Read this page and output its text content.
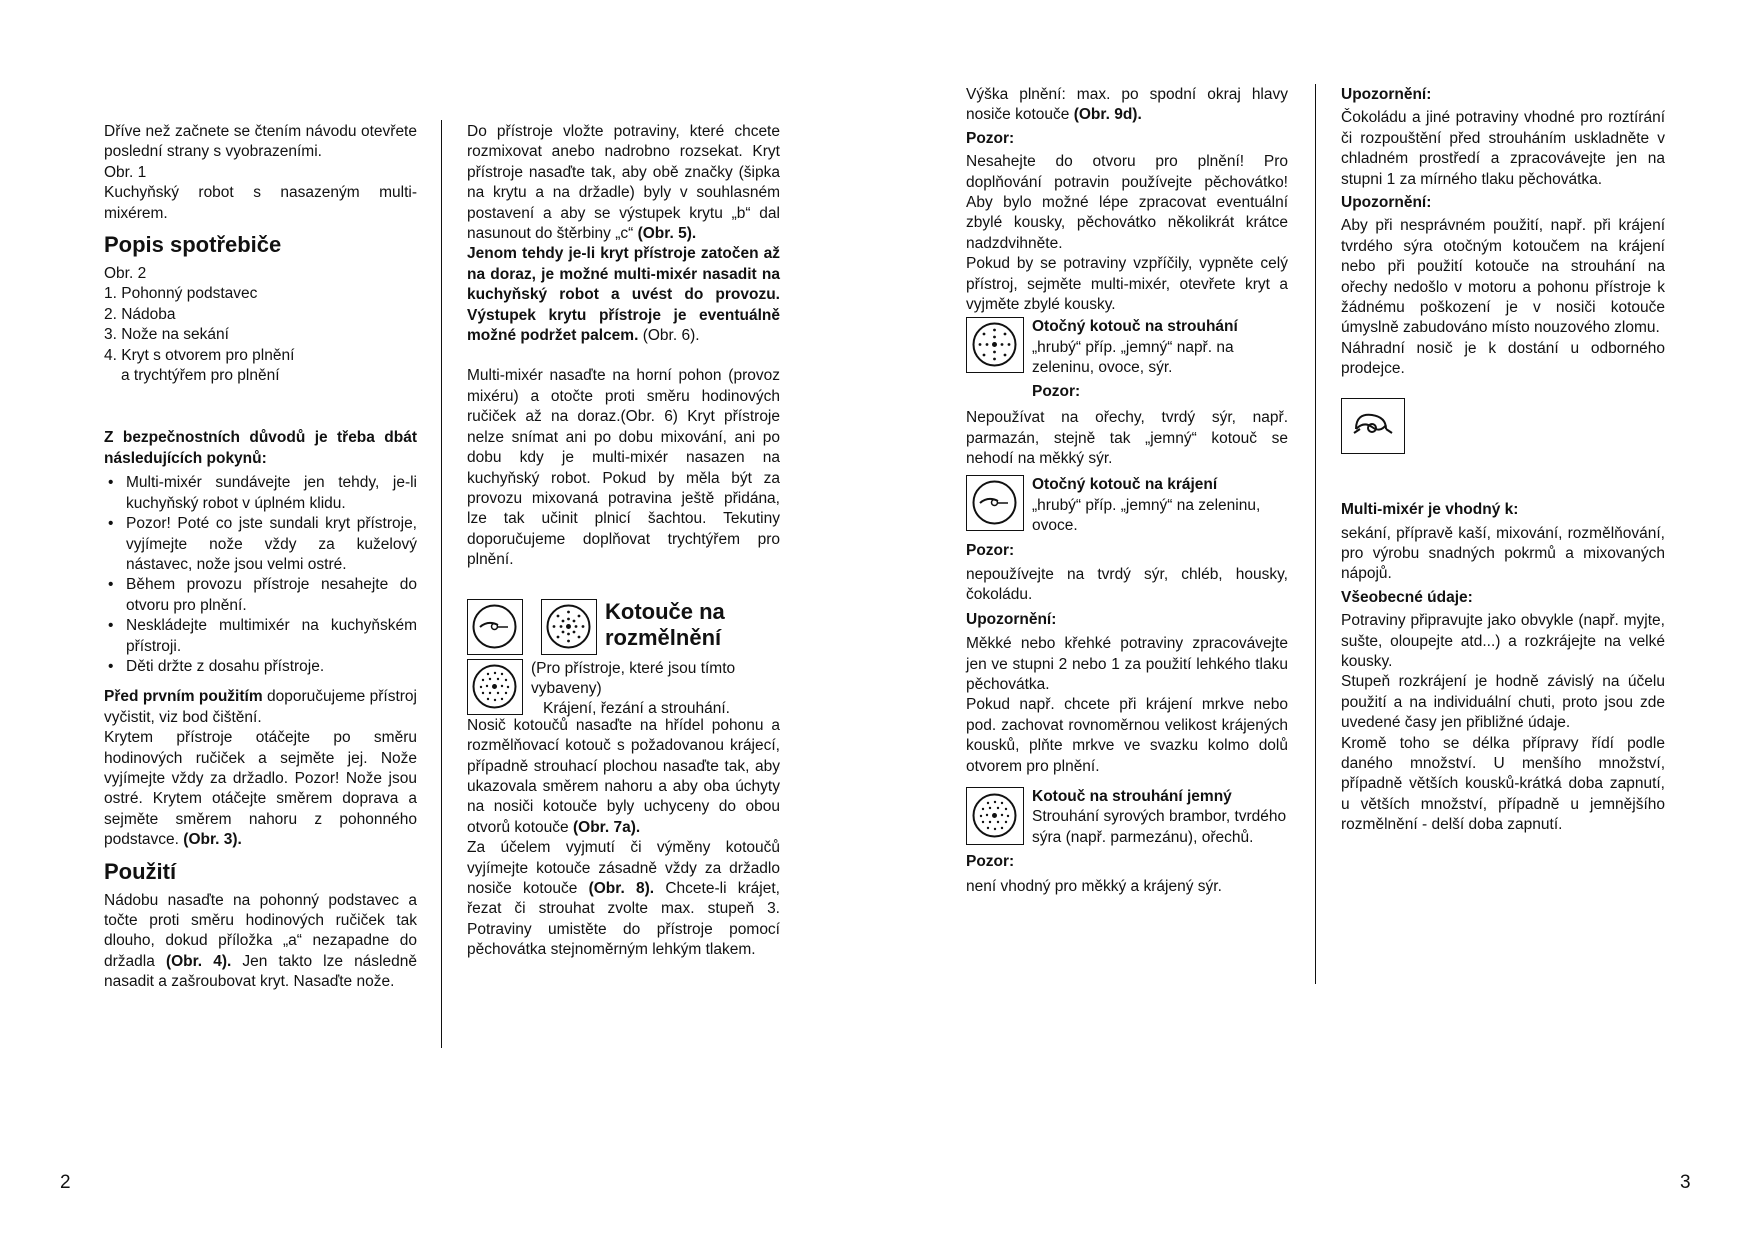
Dříve než začnete se čtením návodu otevřete poslední strany s vyobrazeními.

Obr. 1

Kuchyňský robot s nasazeným multi-mixérem.

Popis spotřebiče

Obr. 2

1. Pohonný podstavec
2. Nádoba
3. Nože na sekání
4. Kryt s otvorem pro plnění
a trychtýřem pro plnění

Z bezpečnostních důvodů je třeba dbát následujících pokynů:

• Multi-mixér sundávejte jen tehdy, je-li kuchyňský robot v úplném klidu.
• Pozor! Poté co jste sundali kryt přístroje, vyjímejte nože vždy za kuželový nástavec, nože jsou velmi ostré.
• Během provozu přístroje nesahejte do otvoru pro plnění.
• Neskládejte multimixér na kuchyňském přístroji.
• Děti držte z dosahu přístroje.

Před prvním použitím doporučujeme přístroj vyčistit, viz bod čištění.

Krytem přístroje otáčejte po směru hodinových ručiček a sejměte jej. Nože vyjímejte vždy za držadlo. Pozor! Nože jsou ostré. Krytem otáčejte směrem doprava a sejměte směrem nahoru z pohonného podstavce. (Obr. 3).

Použití

Nádobu nasaďte na pohonný podstavec a točte proti směru hodinových ručiček tak dlouho, dokud příložka „a“ nezapadne do držadla (Obr. 4). Jen takto lze následně nasadit a zašroubovat kryt. Nasaďte nože.

Do přístroje vložte potraviny, které chcete rozmixovat anebo nadrobno rozsekat. Kryt přístroje nasaďte tak, aby obě značky (šipka na krytu a na držadle) byly v souhlasném postavení a aby se výstupek krytu „b“ dal nasunout do štěrbiny „c“ (Obr. 5).

Jenom tehdy je-li kryt přístroje zatočen až na doraz, je možné multi-mixér nasadit na kuchyňský robot a uvést do provozu. Výstupek krytu přístroje je eventuálně možné podržet palcem. (Obr. 6).

Multi-mixér nasaďte na horní pohon (provoz mixéru) a otočte proti směru hodinových ručiček až na doraz.(Obr. 6) Kryt přístroje nelze snímat ani po dobu mixování, ani po dobu kdy je multi-mixér nasazen na kuchyňský robot. Pokud by měla být za provozu mixovaná potravina ještě přidána, lze tak učinit plnicí šachtou. Tekutiny doporučujeme doplňovat trychtýřem pro plnění.

Kotouče na rozmělnění

(Pro přístroje, které jsou tímto vybaveny)

Krájení, řezání a strouhání.

Nosič kotoučů nasaďte na hřídel pohonu a rozmělňovací kotouč s požadovanou krájecí, případně strouhací plochou nasaďte tak, aby ukazovala směrem nahoru a aby oba úchyty na nosiči kotouče byly uchyceny do obou otvorů kotouče (Obr. 7a).

Za účelem vyjmutí či výměny kotoučů vyjímejte kotouče zásadně vždy za držadlo nosiče kotouče (Obr. 8). Chcete-li krájet, řezat či strouhat zvolte max. stupeň 3. Potraviny umistěte do přístroje pomocí pěchovátka stejnoměrným lehkým tlakem.

Výška plnění: max. po spodní okraj hlavy nosiče kotouče (Obr. 9d).

Pozor:

Nesahejte do otvoru pro plnění! Pro doplňování potravin používejte pěchovátko! Aby bylo možné lépe zpracovat eventuální zbylé kousky, pěchovátko několikrát krátce nadzdvihněte.

Pokud by se potraviny vzpříčily, vypněte celý přístroj, sejměte multi-mixér, otevřete kryt a vyjměte zbylé kousky.

Otočný kotouč na strouhání

„hrubý“ příp. „jemný“ např. na zeleninu, ovoce, sýr.

Pozor:

Nepoužívat na ořechy, tvrdý sýr, např. parmazán, stejně tak „jemný“ kotouč se nehodí na měkký sýr.

Otočný kotouč na krájení

„hrubý“ příp. „jemný“ na zeleninu, ovoce.

Pozor:

nepoužívejte na tvrdý sýr, chléb, housky, čokoládu.

Upozornění:

Měkké nebo křehké potraviny zpracovávejte jen ve stupni 2 nebo 1 za použití lehkého tlaku pěchovátka.

Pokud např. chcete při krájení mrkve nebo pod. zachovat rovnoměrnou velikost krájených kousků, plňte mrkve ve svazku kolmo dolů otvorem pro plnění.

Kotouč na strouhání jemný

Strouhání syrových brambor, tvrdého sýra (např. parmezánu), ořechů.

Pozor:

není vhodný pro měkký a krájený sýr.

Upozornění:

Čokoládu a jiné potraviny vhodné pro roztírání či rozpouštění před strouháním uskladněte v chladném prostředí a zpracovávejte jen na stupni 1 za mírného tlaku pěchovátka.

Upozornění:

Aby při nesprávném použití, např. při krájení tvrdého sýra otočným kotoučem na krájení nebo při použití kotouče na strouhání na ořechy nedošlo v motoru a pohonu přístroje k žádnému poškození je v nosiči kotouče úmyslně zabudováno místo nouzového zlomu.

Náhradní nosič je k dostání u odborného prodejce.

Multi-mixér je vhodný k:

sekání, přípravě kaší, mixování, rozmělňování, pro výrobu snadných pokrmů a mixovaných nápojů.

Všeobecné údaje:

Potraviny připravujte jako obvykle (např. myjte, sušte, oloupejte atd...) a rozkrájejte na velké kousky.

Stupeň rozkrájení je hodně závislý na účelu použití a na individuální chuti, proto jsou zde uvedené časy jen přibližné údaje.

Kromě toho se délka přípravy řídí podle daného množství. U menšího množství, případně větších kousků-krátká doba zapnutí, u větších množství, případně u jemnějšího rozmělnění - delší doba zapnutí.

2	3
